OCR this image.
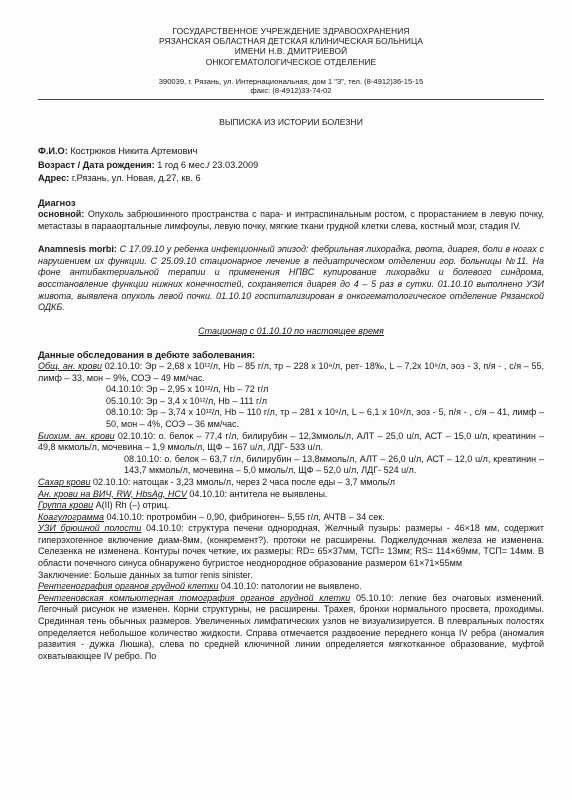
ГОСУДАРСТВЕННОЕ УЧРЕЖДЕНИЕ ЗДРАВООХРАНЕНИЯ
РЯЗАНСКАЯ ОБЛАСТНАЯ ДЕТСКАЯ КЛИНИЧЕСКАЯ БОЛЬНИЦА
ИМЕНИ Н.В. ДМИТРИЕВОЙ
ОНКОГЕМАТОЛОГИЧЕСКОЕ ОТДЕЛЕНИЕ
390039, г. Рязань, ул. Интернациональная, дом 1 "3", тел. (8-4912)36-15-15
факс: (8-4912)33-74-02
ВЫПИСКА ИЗ ИСТОРИИ БОЛЕЗНИ
Ф.И.О: Кострюков Никита Артемович
Возраст / Дата рождения: 1 год 6 мес./ 23.03.2009
Адрес: г.Рязань, ул. Новая, д.27, кв. 6
Диагноз

основной: Опухоль забрюшинного пространства с пара- и интраспинальным ростом, с прорастанием в левую почку, метастазы в парааортальные лимфоулы, левую почку, мягкие ткани грудной клетки слева, костный мозг, стадия IV.

Anamnesis morbi: С 17.09.10 у ребенка инфекционный эпизод: фебрильная лихорадка, рвота, диарея, боли в ногах с нарушением их функции. С 25.09.10 стационарное лечение в педиатрическом отделении гор. больницы №11. На фоне антибактериальной терапии и применения НПВС купирование лихорадки и болевого синдрома, восстановление функции нижних конечностей, сохраняется диарея до 4 – 5 раз в сутки. 01.10.10 выполнено УЗИ живота, выявлена опухоль левой почки. 01.10.10 госпитализирован в онкогематологическое отделение Рязанской ОДКБ.

Стационар с 01.10.10 по настоящее время
Данные обследования в дебюте заболевания:

Общ. ан. крови 02.10.10: Эр – 2,68 х 10¹²/л, Hb – 85 г/л, тр – 228 х 10⁹/л, рет- 18‰, L – 7,2х 10⁹/л, эоз - 3, п/я - , с/я – 55, лимф – 33, мон – 9%, СОЭ – 49 мм/час.

04.10.10: Эр – 2,95 х 10¹²/л, Hb – 72 г/л

05.10.10: Эр – 3,4 х 10¹²/л, Hb – 111 г/л

08.10.10: Эр – 3,74 х 10¹²/л, Hb – 110 г/л, тр – 281 х 10⁹/л, L – 6,1 х 10⁹/л, эоз - 5, п/я - , с/я – 41, лимф – 50, мон – 4%, СОЭ – 36 мм/час.

Биохим. ан. крови 02.10.10: о. белок – 77,4 г/л, билирубин – 12,3ммоль/л, АЛТ – 25,0 u/л, АСТ – 15,0 u/л, креатинин – 49,8 мкмоль/л, мочевина – 1,9 ммоль/л, ЩФ – 167 u/л, ЛДГ- 533 u/л.

08.10.10: о. белок – 63,7 г/л, билирубин – 13,8ммоль/л, АЛТ – 26,0 u/л, АСТ – 12,0 u/л, креатинин – 143,7 мкмоль/л, мочевина – 5,0 ммоль/л, ЩФ – 52,0 u/л, ЛДГ- 524 u/л.

Сахар крови 02.10.10: натощак - 3,23 ммоль/л, через 2 часа после еды – 3,7 ммоль/л

Ан. крови на ВИЧ, RW, HbsAg, HCV 04.10.10: антитела не выявлены.

Группа крови A(II) Rh (–) отриц.

Коагулограмма 04.10.10: протромбин – 0,90, фибриноген– 5,55 г/л, АЧТВ – 34 сек.

УЗИ брюшной полости 04.10.10: структура печени однородная, Желчный пузырь: размеры - 46×18 мм, содержит гиперэхогенное включение диам-8мм, (конкремент?). протоки не расширены. Поджелудочная железа не изменена. Селезенка не изменена. Контуры почек четкие, их размеры: RD= 65×37мм, ТСП= 13мм; RS= 114×69мм, ТСП= 14мм. В области почечного синуса обнаружено бугристое неоднородное образование размером 61×71×55мм

Заключение: Больше данных за tumor renis sinister.

Рентгенография органов грудной клетки 04.10.10: патологии не выявлено.

Рентгеновская компьютерная томография органов грудной клетки 05.10.10: легкие без очаговых изменений. Легочный рисунок не изменен. Корни структурны, не расширены. Трахея, бронхи нормального просвета, проходимы. Срединная тень обычных размеров. Увеличенных лимфатических узлов не визуализируется. В плевральных полостях определяется небольшое количество жидкости. Справа отмечается раздвоение переднего конца IV ребра (аномалия развития - дужка Люшка), слева по средней ключичной линии определяется мягкотканное образование, муфтой охватывающее IV ребро. По
